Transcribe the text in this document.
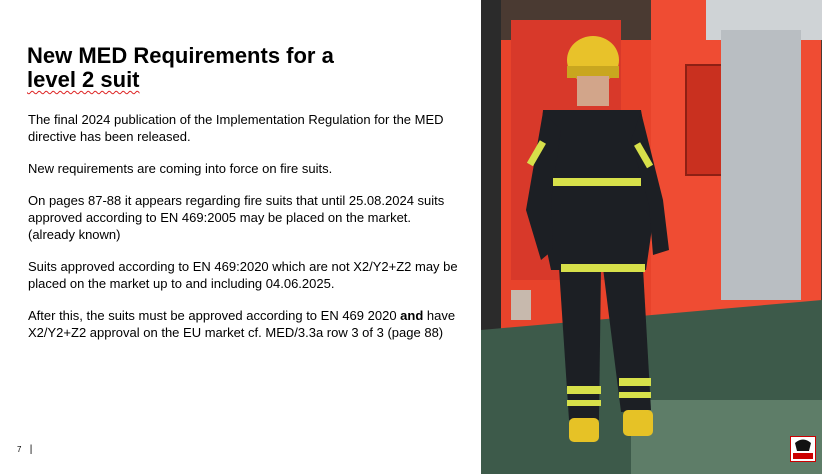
New MED Requirements for a
level 2 suit

The final 2024 publication of the Implementation Regulation for the MED directive has been released.

New requirements are coming into force on fire suits.

On pages 87-88 it appears regarding fire suits that until 25.08.2024 suits approved according to EN 469:2005 may be placed on the market. (already known)

Suits approved according to EN 469:2020 which are not X2/Y2+Z2 may be placed on the market up to and including 04.06.2025.

After this, the suits must be approved according to EN 469 2020 and have X2/Y2+Z2 approval on the EU market cf. MED/3.3a row 3 of 3 (page 88)

7 |
